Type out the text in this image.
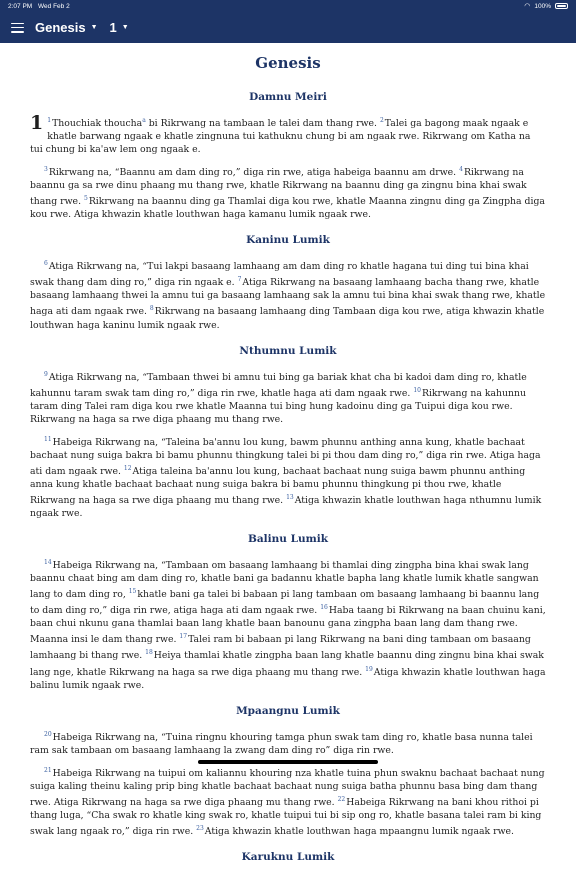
2:07 PM Wed Feb 2	◠ 100%
Genesis ▼ 1 ▼
Genesis
Damnu Meiri

1 $^1$Thouchiak thoucha$^a$ bi Rikrwang na tambaan le talei dam thang rwe. $^2$Talei ga bagong maak ngaak e khatle barwang ngaak e khatle zingnuna tui kathuknu chung bi am ngaak rwe. Rikrwang om Katha na tui chung bi ka'aw lem ong ngaak e.

$^3$Rikrwang na, “Baannu am dam ding ro,” diga rin rwe, atiga habeiga baannu am drwe. $^4$Rikrwang na baannu ga sa rwe dinu phaang mu thang rwe, khatle Rikrwang na baannu ding ga zingnu bina khai swak thang rwe. $^5$Rikrwang na baannu ding ga Thamlai diga kou rwe, khatle Maanna zingnu ding ga Zingpha diga kou rwe. Atiga khwazin khatle louthwan haga kamanu lumik ngaak rwe.

Kaninu Lumik

$^6$Atiga Rikrwang na, “Tui lakpi basaang lamhaang am dam ding ro khatle hagana tui ding tui bina khai swak thang dam ding ro,” diga rin ngaak e. $^7$Atiga Rikrwang na basaang lamhaang bacha thang rwe, khatle basaang lamhaang thwei la amnu tui ga basaang lamhaang sak la amnu tui bina khai swak thang rwe, khatle haga ati dam ngaak rwe. $^8$Rikrwang na basaang lamhaang ding Tambaan diga kou rwe, atiga khwazin khatle louthwan haga kaninu lumik ngaak rwe.

Nthumnu Lumik

$^9$Atiga Rikrwang na, “Tambaan thwei bi amnu tui bing ga bariak khat cha bi kadoi dam ding ro, khatle kahunnu taram swak tam ding ro,” diga rin rwe, khatle haga ati dam ngaak rwe. $^{10}$Rikrwang na kahunnu taram ding Talei ram diga kou rwe khatle Maanna tui bing hung kadoinu ding ga Tuipui diga kou rwe. Rikrwang na haga sa rwe diga phaang mu thang rwe.

$^{11}$Habeiga Rikrwang na, “Taleina ba'annu lou kung, bawm phunnu anthing anna kung, khatle bachaat bachaat nung suiga bakra bi bamu phunnu thingkung talei bi pi thou dam ding ro,” diga rin rwe. Atiga haga ati dam ngaak rwe. $^{12}$Atiga taleina ba'annu lou kung, bachaat bachaat nung suiga bawm phunnu anthing anna kung khatle bachaat bachaat nung suiga bakra bi bamu phunnu thingkung pi thou rwe, khatle Rikrwang na haga sa rwe diga phaang mu thang rwe. $^{13}$Atiga khwazin khatle louthwan haga nthumnu lumik ngaak rwe.

Balinu Lumik

$^{14}$Habeiga Rikrwang na, “Tambaan om basaang lamhaang bi thamlai ding zingpha bina khai swak lang baannu chaat bing am dam ding ro, khatle bani ga badannu khatle bapha lang khatle lumik khatle sangwan lang to dam ding ro, $^{15}$khatle bani ga talei bi babaan pi lang tambaan om basaang lamhaang bi baannu lang to dam ding ro,” diga rin rwe, atiga haga ati dam ngaak rwe. $^{16}$Haba taang bi Rikrwang na baan chuinu kani, baan chui nkunu gana thamlai baan lang khatle baan banounu gana zingpha baan lang dam thang rwe. Maanna insi le dam thang rwe. $^{17}$Talei ram bi babaan pi lang Rikrwang na bani ding tambaan om basaang lamhaang bi thang rwe. $^{18}$Heiya thamlai khatle zingpha baan lang khatle baannu ding zingnu bina khai swak lang nge, khatle Rikrwang na haga sa rwe diga phaang mu thang rwe. $^{19}$Atiga khwazin khatle louthwan haga balinu lumik ngaak rwe.

Mpaangnu Lumik

$^{20}$Habeiga Rikrwang na, “Tuina ringnu khouring tamga phun swak tam ding ro, khatle basa nunna talei ram sak tambaan om basaang lamhaang la zwang dam ding ro” diga rin rwe.

$^{21}$Habeiga Rikrwang na tuipui om kaliannu khouring nza khatle tuina phun swaknu bachaat bachaat nung suiga kaling theinu kaling prip bing khatle bachaat bachaat nung suiga batha phunnu basa bing dam thang rwe. Atiga Rikrwang na haga sa rwe diga phaang mu thang rwe. $^{22}$Habeiga Rikrwang na bani khou rithoi pi thang luga, “Cha swak ro khatle king swak ro, khatle tuipui tui bi sip ong ro, khatle basana talei ram bi king swak lang ngaak ro,” diga rin rwe. $^{23}$Atiga khwazin khatle louthwan haga mpaangnu lumik ngaak rwe.

Karuknu Lumik
